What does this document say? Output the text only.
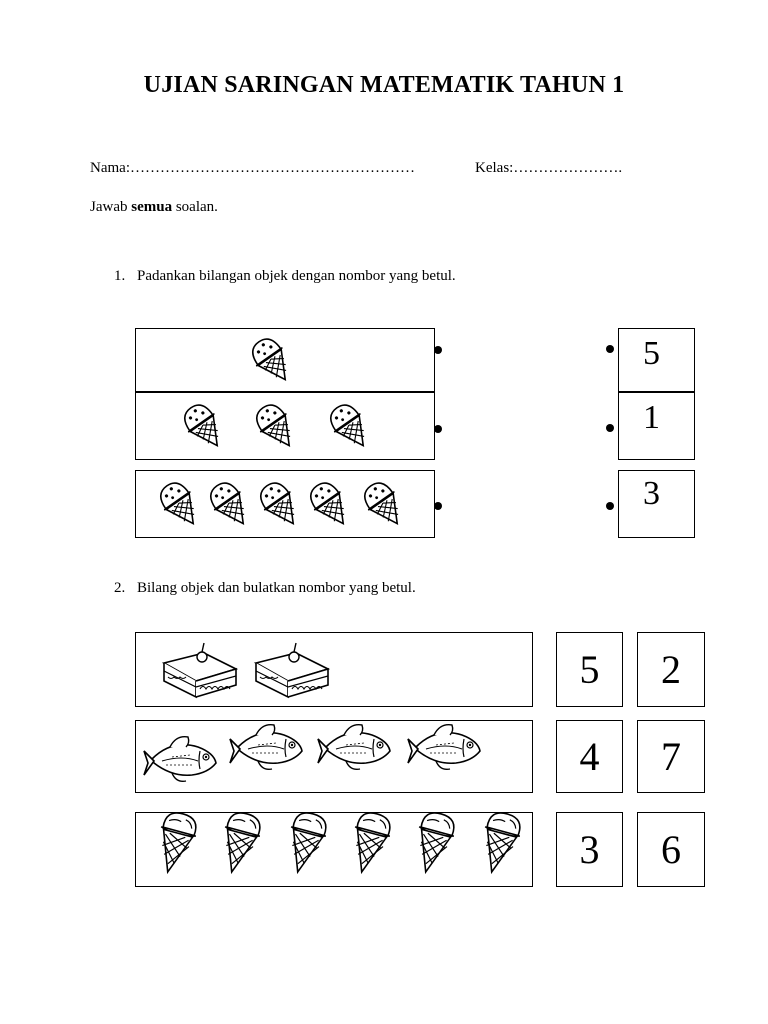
UJIAN SARINGAN MATEMATIK TAHUN 1
Nama:…………………………………………………	Kelas:………………….
Jawab semua soalan.
1. Padankan bilangan objek dengan nombor yang betul.
5
1
3
2. Bilang objek dan bulatkan nombor yang betul.
5	2
4	7
3	6
